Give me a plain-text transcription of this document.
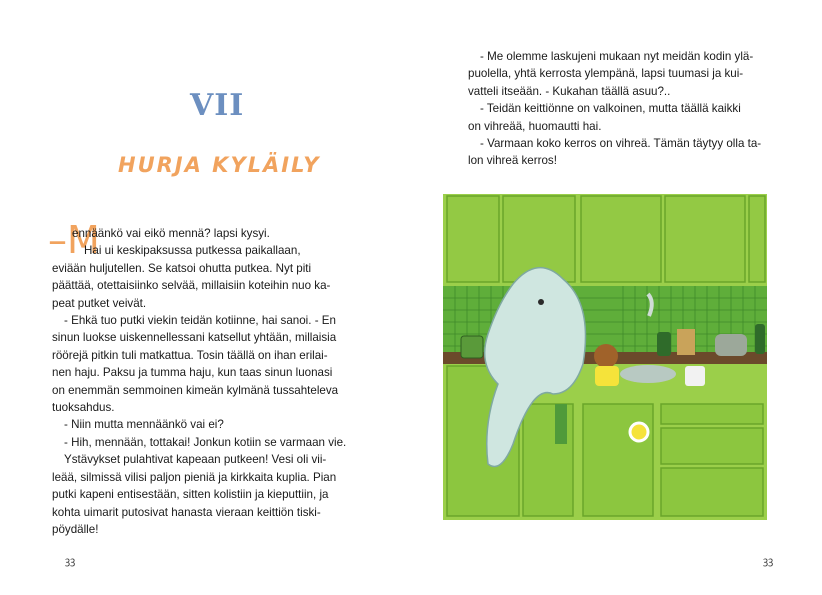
VII
HURJA KYLÄILY
–M

ennäänkö vai eikö mennä? lapsi kysyi.

Hai ui keskipaksussa putkessa paikallaan,

eviään huljutellen. Se katsoi ohutta putkea. Nyt piti

päättää, otettaisiinko selvää, millaisiin koteihin nuo ka-

peat putket veivät.

- Ehkä tuo putki viekin teidän kotiinne, hai sanoi. - En

sinun luokse uiskennellessani katsellut yhtään, millaisia

röörejä pitkin tuli matkattua. Tosin täällä on ihan erilai-

nen haju. Paksu ja tumma haju, kun taas sinun luonasi

on enemmän semmoinen kimeän kylmänä tussahteleva

tuoksahdus.

- Niin mutta mennäänkö vai ei?

- Hih, mennään, tottakai! Jonkun kotiin se varmaan vie.

Ystävykset pulahtivat kapeaan putkeen! Vesi oli vii-

leää, silmissä vilisi paljon pieniä ja kirkkaita kuplia. Pian

putki kapeni entisestään, sitten kolistiin ja kieputtiin, ja

kohta uimarit putosivat hanasta vieraan keittiön tiski-

pöydälle!

ꝫꝫ

- Me olemme laskujeni mukaan nyt meidän kodin ylä-

puolella, yhtä kerrosta ylempänä, lapsi tuumasi ja kui-

vatteli itseään. - Kukahan täällä asuu?..

- Teidän keittiönne on valkoinen, mutta täällä kaikki

on vihreää, huomautti hai.

- Varmaan koko kerros on vihreä. Tämän täytyy olla ta-

lon vihreä kerros!

ꝫꝫ
